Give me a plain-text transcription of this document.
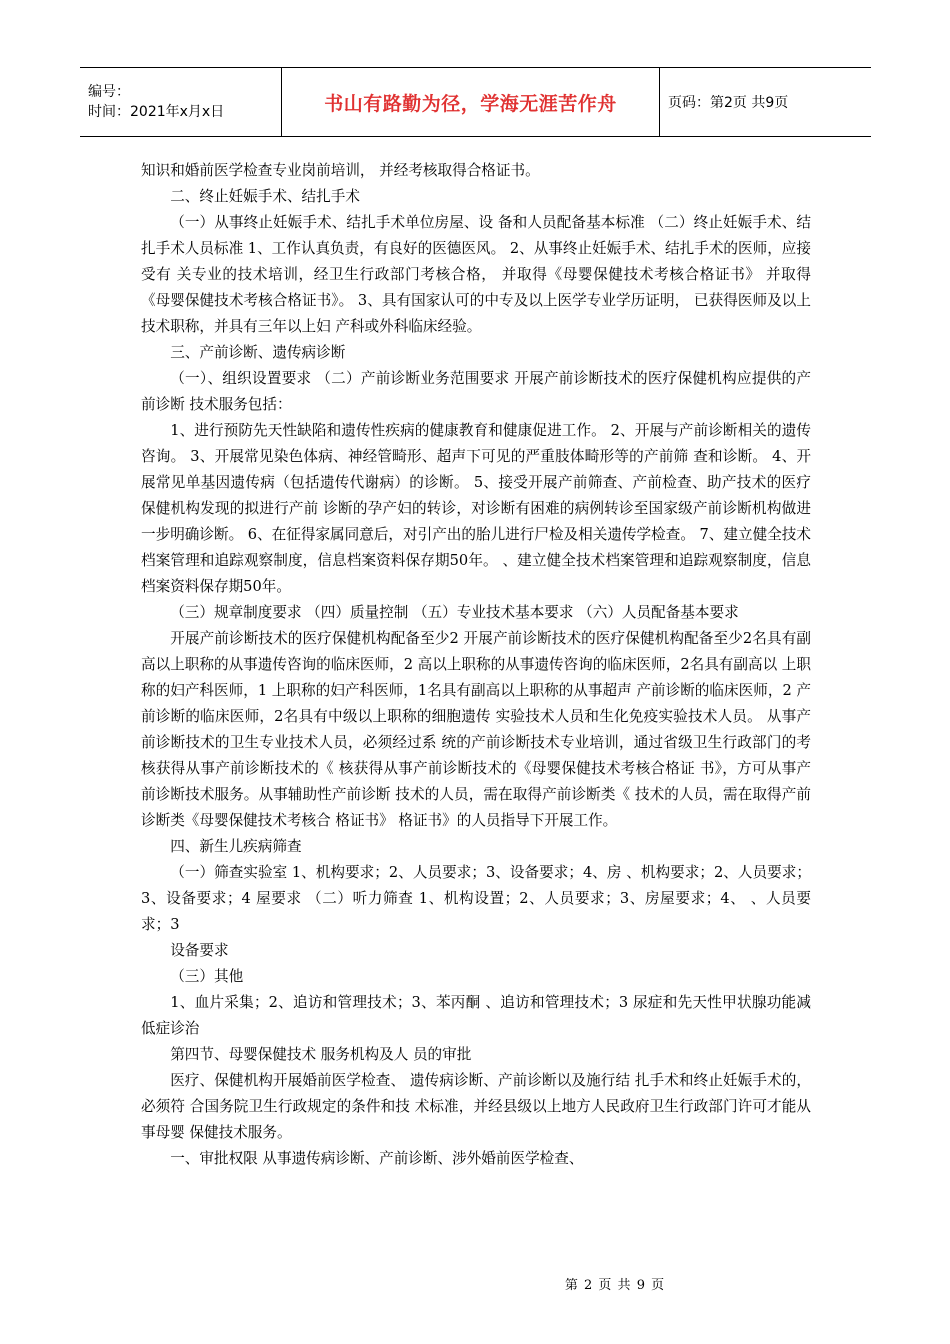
编号：
时间：2021年x月x日	书山有路勤为径，学海无涯苦作舟	页码：第2页 共9页

知识和婚前医学检查专业岗前培训， 并经考核取得合格证书。

二、终止妊娠手术、结扎手术

（一）从事终止妊娠手术、结扎手术单位房屋、设 备和人员配备基本标准 （二）终止妊娠手术、结扎手术人员标准 1、工作认真负责，有良好的医德医风。 2、从事终止妊娠手术、结扎手术的医师，应接受有 关专业的技术培训，经卫生行政部门考核合格， 并取得《母婴保健技术考核合格证书》 并取得《母婴保健技术考核合格证书》。 3、具有国家认可的中专及以上医学专业学历证明， 已获得医师及以上技术职称，并具有三年以上妇 产科或外科临床经验。

三、产前诊断、遗传病诊断

（一）、组织设置要求 （二）产前诊断业务范围要求 开展产前诊断技术的医疗保健机构应提供的产前诊断 技术服务包括：

1、进行预防先天性缺陷和遗传性疾病的健康教育和健康促进工作。 2、开展与产前诊断相关的遗传咨询。 3、开展常见染色体病、神经管畸形、超声下可见的严重肢体畸形等的产前筛 查和诊断。 4、开展常见单基因遗传病（包括遗传代谢病）的诊断。 5、接受开展产前筛查、产前检查、助产技术的医疗保健机构发现的拟进行产前 诊断的孕产妇的转诊，对诊断有困难的病例转诊至国家级产前诊断机构做进 一步明确诊断。 6、在征得家属同意后，对引产出的胎儿进行尸检及相关遗传学检查。 7、建立健全技术档案管理和追踪观察制度，信息档案资料保存期50年。 、建立健全技术档案管理和追踪观察制度，信息档案资料保存期50年。

（三）规章制度要求 （四）质量控制 （五）专业技术基本要求 （六）人员配备基本要求

开展产前诊断技术的医疗保健机构配备至少2 开展产前诊断技术的医疗保健机构配备至少2名具有副 高以上职称的从事遗传咨询的临床医师，2 高以上职称的从事遗传咨询的临床医师，2名具有副高以 上职称的妇产科医师，1 上职称的妇产科医师，1名具有副高以上职称的从事超声 产前诊断的临床医师，2 产前诊断的临床医师，2名具有中级以上职称的细胞遗传 实验技术人员和生化免疫实验技术人员。 从事产前诊断技术的卫生专业技术人员，必须经过系 统的产前诊断技术专业培训，通过省级卫生行政部门的考 核获得从事产前诊断技术的《 核获得从事产前诊断技术的《母婴保健技术考核合格证 书》，方可从事产前诊断技术服务。从事辅助性产前诊断 技术的人员，需在取得产前诊断类《 技术的人员，需在取得产前诊断类《母婴保健技术考核合 格证书》 格证书》的人员指导下开展工作。

四、新生儿疾病筛查

（一）筛查实验室 1、机构要求；2、人员要求；3、设备要求；4、房 、机构要求；2、人员要求；3、设备要求；4 屋要求 （二）听力筛查 1、机构设置；2、人员要求；3、房屋要求；4、 、人员要求；3

设备要求

（三）其他

1、血片采集；2、追访和管理技术；3、苯丙酮 、追访和管理技术；3 尿症和先天性甲状腺功能减低症诊治

第四节、母婴保健技术 服务机构及人 员的审批

医疗、保健机构开展婚前医学检查、 遗传病诊断、产前诊断以及施行结 扎手术和终止妊娠手术的，必须符 合国务院卫生行政规定的条件和技 术标准，并经县级以上地方人民政府卫生行政部门许可才能从事母婴 保健技术服务。

一、审批权限 从事遗传病诊断、产前诊断、涉外婚前医学检查、

第 2 页 共 9 页
